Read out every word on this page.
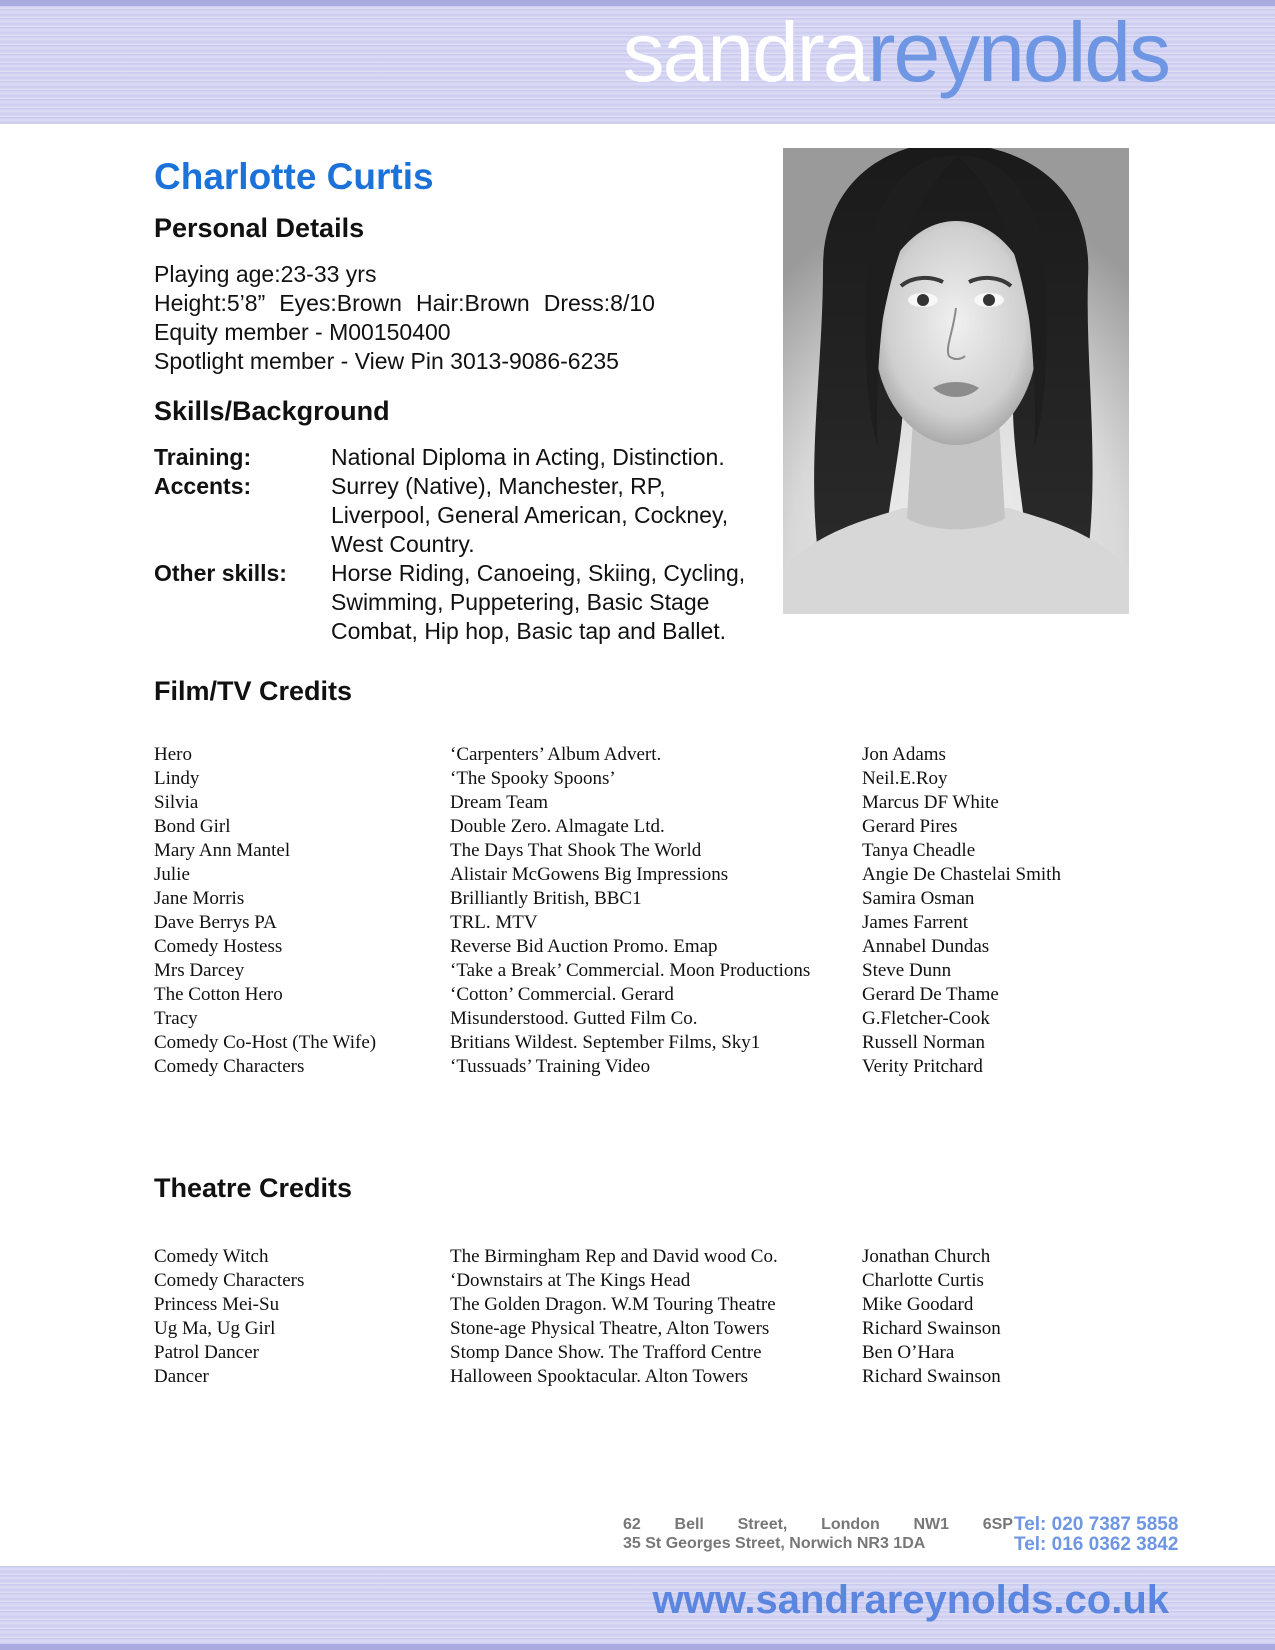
sandrareynolds
Charlotte Curtis
Personal Details
Playing age:23-33 yrs
Height:5’8” Eyes:Brown Hair:Brown Dress:8/10
Equity member - M00150400
Spotlight member - View Pin 3013-9086-6235
Skills/Background
Training:	National Diploma in Acting, Distinction.
Accents:	Surrey (Native), Manchester, RP, Liverpool, General American, Cockney, West Country.
Other skills: Horse Riding, Canoeing, Skiing, Cycling, Swimming, Puppetering, Basic Stage Combat, Hip hop, Basic tap and Ballet.
Film/TV Credits
Hero	‘Carpenters’ Album Advert.	Jon Adams
Lindy	‘The Spooky Spoons’	Neil.E.Roy
Silvia	Dream Team	Marcus DF White
Bond Girl	Double Zero. Almagate Ltd.	Gerard Pires
Mary Ann Mantel	The Days That Shook The World	Tanya Cheadle
Julie	Alistair McGowens Big Impressions	Angie De Chastelai Smith
Jane Morris	Brilliantly British, BBC1	Samira Osman
Dave Berrys PA	TRL. MTV	James Farrent
Comedy Hostess	Reverse Bid Auction Promo. Emap	Annabel Dundas
Mrs Darcey	‘Take a Break’ Commercial. Moon Productions	Steve Dunn
The Cotton Hero	‘Cotton’ Commercial. Gerard	Gerard De Thame
Tracy	Misunderstood. Gutted Film Co.	G.Fletcher-Cook
Comedy Co-Host (The Wife)	Britians Wildest. September Films, Sky1	Russell Norman
Comedy Characters	‘Tussuads’ Training Video	Verity Pritchard
Theatre Credits
Comedy Witch	The Birmingham Rep and David wood Co.	Jonathan Church
Comedy Characters	‘Downstairs at The Kings Head	Charlotte Curtis
Princess Mei-Su	The Golden Dragon. W.M Touring Theatre	Mike Goodard
Ug Ma, Ug Girl	Stone-age Physical Theatre, Alton Towers	Richard Swainson
Patrol Dancer	Stomp Dance Show. The Trafford Centre	Ben O’Hara
Dancer	Halloween Spooktacular. Alton Towers	Richard Swainson
62 Bell Street, London NW1 6SP
35 St Georges Street, Norwich NR3 1DA
Tel: 020 7387 5858
Tel: 016 0362 3842
www.sandrareynolds.co.uk
